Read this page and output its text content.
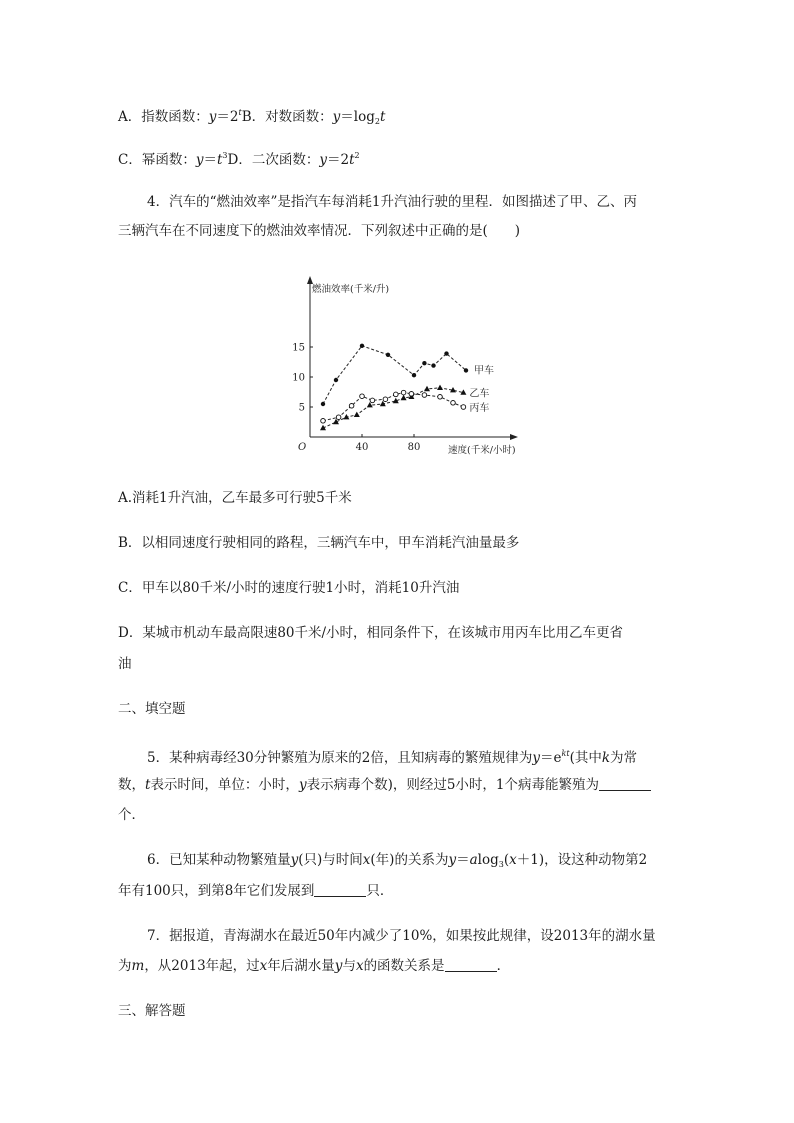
A．指数函数：$y=2^tB$．对数函数：$y=\log_2t$
C．幂函数：$y=t^3D$．二次函数：$y=2t^2$
4．汽车的“燃油效率”是指汽车每消耗1升汽油行驶的里程．如图描述了甲、乙、丙
三辆汽车在不同速度下的燃油效率情况．下列叙述中正确的是(　　)
40	80
5
10
15
O
燃油效率(千米/升)
速度(千米/小时)
甲车
乙车
丙车
A.消耗1升汽油，乙车最多可行驶5千米
B．以相同速度行驶相同的路程，三辆汽车中，甲车消耗汽油量最多
C．甲车以80千米/小时的速度行驶1小时，消耗10升汽油
D．某城市机动车最高限速80千米/小时，相同条件下，在该城市用丙车比用乙车更省
油
二、填空题
5．某种病毒经30分钟繁殖为原来的2倍，且知病毒的繁殖规律为$y=e^{kt}$(其中k为常
数，t表示时间，单位：小时，y表示病毒个数)，则经过5小时，1个病毒能繁殖为
个．
6．已知某种动物繁殖量y(只)与时间x(年)的关系为y＝alog$_3$(x＋1)，设这种动物第2
年有100只，到第8年它们发展到	只．
7．据报道，青海湖水在最近50年内减少了10%，如果按此规律，设2013年的湖水量
为m，从2013年起，过x年后湖水量y与x的函数关系是	．
三、解答题
